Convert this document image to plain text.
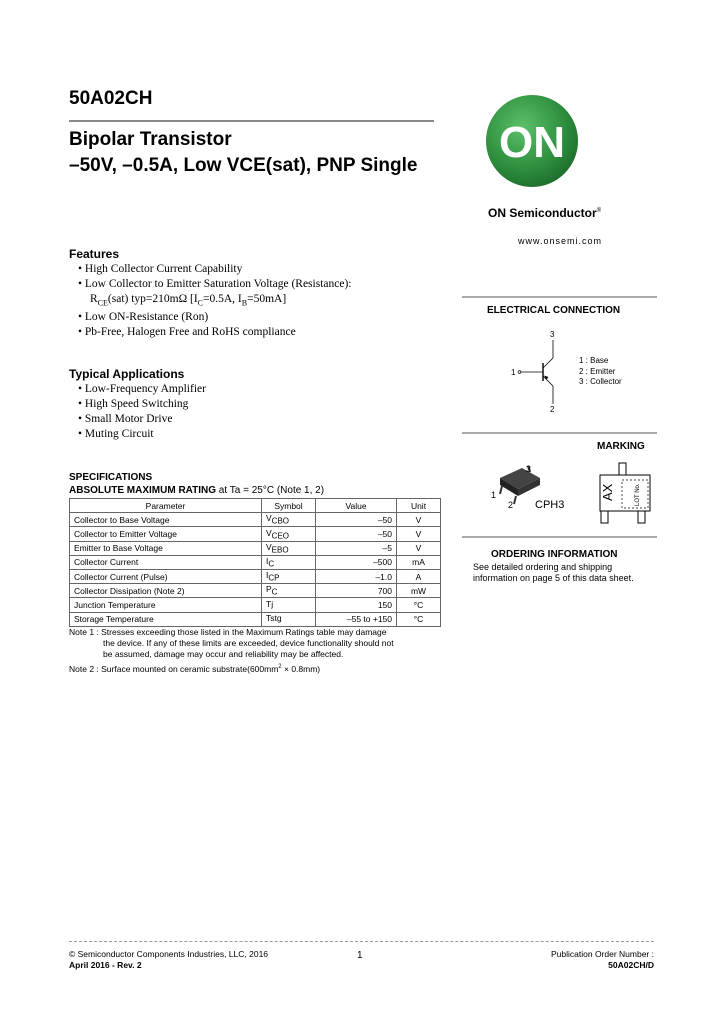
50A02CH
Bipolar Transistor
–50V, –0.5A, Low VCE(sat), PNP Single ON
ON Semiconductor®
www.onsemi.com
Features
• High Collector Current Capability
• Low Collector to Emitter Saturation Voltage (Resistance):
$R_{CE}(sat)$ typ=210mΩ [$I_C=0.5A$, $I_B=50mA$]
• Low ON-Resistance (Ron)
• Pb-Free, Halogen Free and RoHS compliance
Typical Applications
• Low-Frequency Amplifier
• High Speed Switching
• Small Motor Drive
• Muting Circuit
ELECTRICAL CONNECTION
3
1
2
1 : Base
2 : Emitter
3 : Collector
MARKING
1
2
3
CPH3
AX	LOT No.
ORDERING INFORMATION
See detailed ordering and shipping
information on page 5 of this data sheet.
SPECIFICATIONS
ABSOLUTE MAXIMUM RATING at Ta = 25°C (Note 1, 2)
Parameter	Symbol	Value	Unit
Collector to Base Voltage	$V_{CBO}$	–50	V
Collector to Emitter Voltage	$V_{CEO}$	–50	V
Emitter to Base Voltage	$V_{EBO}$	–5	V
Collector Current	$I_C$	–500	mA
Collector Current (Pulse)	$I_{CP}$	–1.0	A
Collector Dissipation (Note 2)	$P_C$	700	mW
Junction Temperature	Tj	150	°C
Storage Temperature	Tstg	–55 to +150	°C
Note 1 : Stresses exceeding those listed in the Maximum Ratings table may damage
the device. If any of these limits are exceeded, device functionality should not
be assumed, damage may occur and reliability may be affected.
Note 2 : Surface mounted on ceramic $substrate(600mm^2 \times 0.8mm)$
© Semiconductor Components Industries, LLC, 2016
April 2016 - Rev. 2
1	Publication Order Number :
50A02CH/D
